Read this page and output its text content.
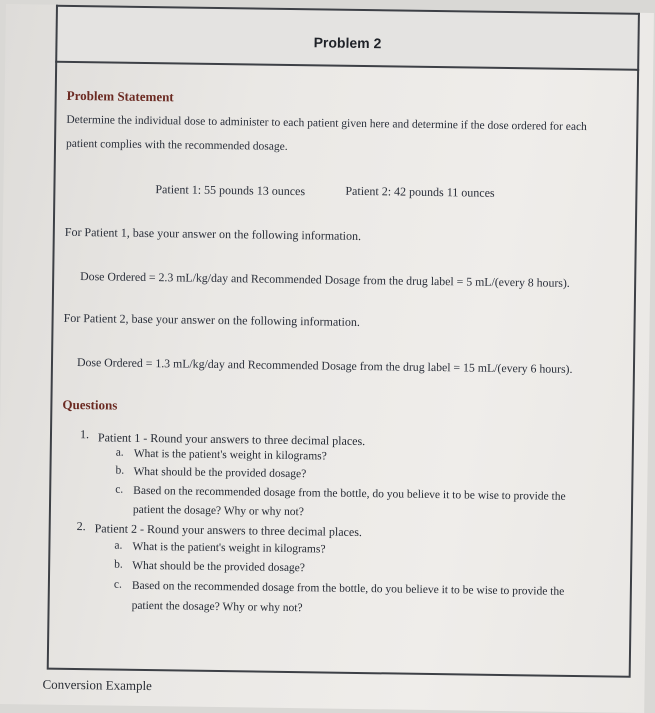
Problem 2
Problem Statement
Determine the individual dose to administer to each patient given here and determine if the dose ordered for each
patient complies with the recommended dosage.
Patient 1: 55 pounds 13 ounces	Patient 2: 42 pounds 11 ounces
For Patient 1, base your answer on the following information.
Dose Ordered = 2.3 mL/kg/day and Recommended Dosage from the drug label = 5 mL/(every 8 hours).
For Patient 2, base your answer on the following information.
Dose Ordered = 1.3 mL/kg/day and Recommended Dosage from the drug label = 15 mL/(every 6 hours).
Questions
1. Patient 1 - Round your answers to three decimal places.
a. What is the patient's weight in kilograms?
b. What should be the provided dosage?
c. Based on the recommended dosage from the bottle, do you believe it to be wise to provide the
patient the dosage? Why or why not?
2. Patient 2 - Round your answers to three decimal places.
a. What is the patient's weight in kilograms?
b. What should be the provided dosage?
c. Based on the recommended dosage from the bottle, do you believe it to be wise to provide the
patient the dosage? Why or why not?
Conversion Example
